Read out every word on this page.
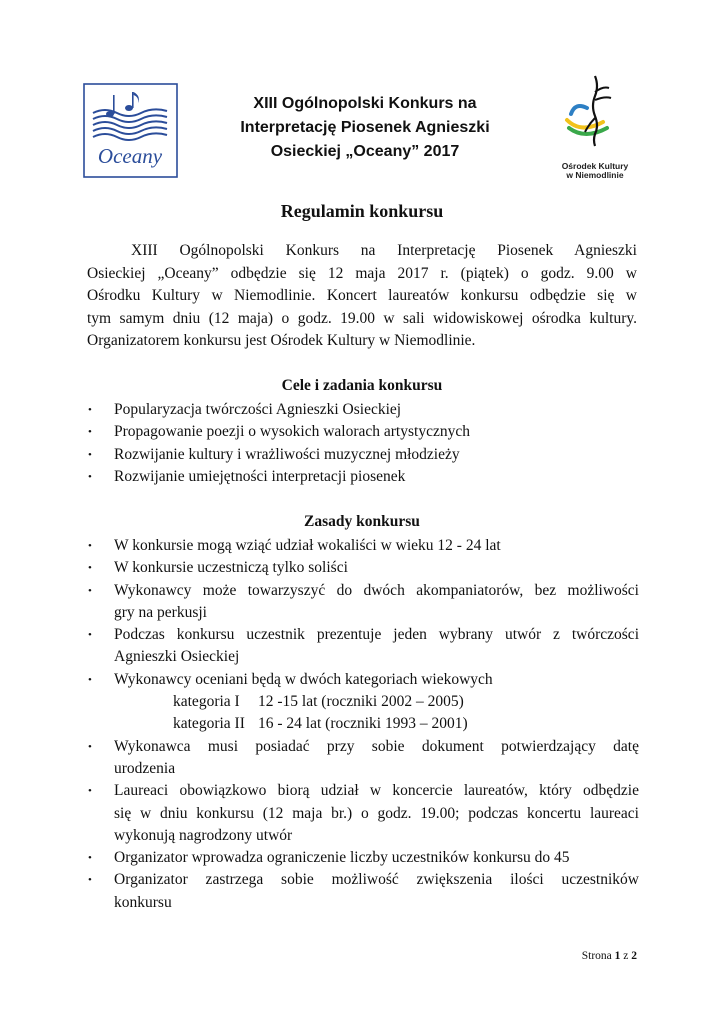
Oceany
XIII Ogólnopolski Konkurs na
Interpretację Piosenek Agnieszki
Osieckiej „Oceany” 2017
Ośrodek Kultury
w Niemodlinie
Regulamin konkursu
XIII Ogólnopolski Konkurs na Interpretację Piosenek Agnieszki
Osieckiej „Oceany” odbędzie się 12 maja 2017 r. (piątek) o godz. 9.00 w
Ośrodku Kultury w Niemodlinie. Koncert laureatów konkursu odbędzie się w
tym samym dniu (12 maja) o godz. 19.00 w sali widowiskowej ośrodka kultury.
Organizatorem konkursu jest Ośrodek Kultury w Niemodlinie.
Cele i zadania konkursu
• Popularyzacja twórczości Agnieszki Osieckiej
• Propagowanie poezji o wysokich walorach artystycznych
• Rozwijanie kultury i wrażliwości muzycznej młodzieży
• Rozwijanie umiejętności interpretacji piosenek
Zasady konkursu
• W konkursie mogą wziąć udział wokaliści w wieku 12 - 24 lat
• W konkursie uczestniczą tylko soliści
• Wykonawcy może towarzyszyć do dwóch akompaniatorów, bez możliwości
gry na perkusji
• Podczas konkursu uczestnik prezentuje jeden wybrany utwór z twórczości
Agnieszki Osieckiej
• Wykonawcy oceniani będą w dwóch kategoriach wiekowych
kategoria I 12 -15 lat (roczniki 2002 – 2005)
kategoria II 16 - 24 lat (roczniki 1993 – 2001)
• Wykonawca musi posiadać przy sobie dokument potwierdzający datę
urodzenia
• Laureaci obowiązkowo biorą udział w koncercie laureatów, który odbędzie
się w dniu konkursu (12 maja br.) o godz. 19.00; podczas koncertu laureaci
wykonują nagrodzony utwór
• Organizator wprowadza ograniczenie liczby uczestników konkursu do 45
• Organizator zastrzega sobie możliwość zwiększenia ilości uczestników
konkursu
Strona 1 z 2
